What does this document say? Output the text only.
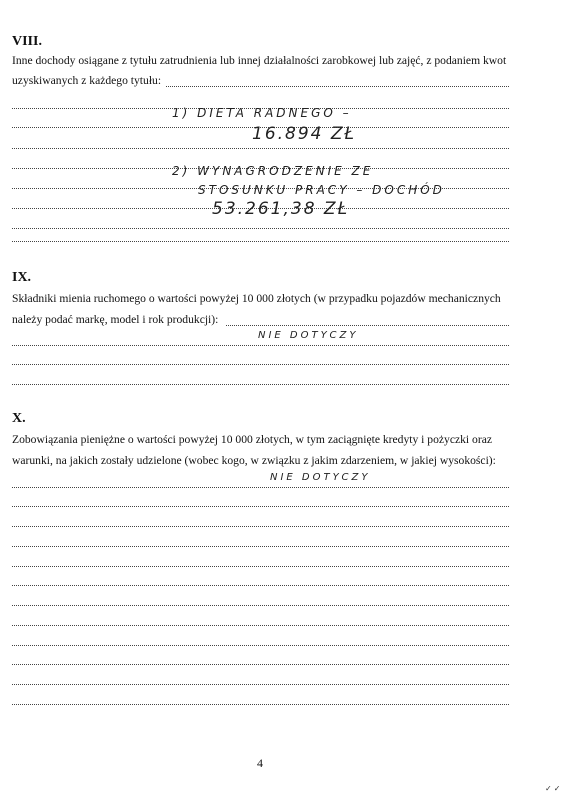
VIII.
Inne dochody osiągane z tytułu zatrudnienia lub innej działalności zarobkowej lub zajęć, z podaniem kwot
uzyskiwanych z każdego tytułu:
1) DIETA RADNEGO –
16.894 ZŁ
2) WYNAGRODZENIE ZE
STOSUNKU PRACY – DOCHÓD
53.261,38 ZŁ
IX.
Składniki mienia ruchomego o wartości powyżej 10 000 złotych (w przypadku pojazdów mechanicznych
należy podać markę, model i rok produkcji):
NIE DOTYCZY
X.
Zobowiązania pieniężne o wartości powyżej 10 000 złotych, w tym zaciągnięte kredyty i pożyczki oraz
warunki, na jakich zostały udzielone (wobec kogo, w związku z jakim zdarzeniem, w jakiej wysokości):
NIE DOTYCZY
4
✓ ✓
